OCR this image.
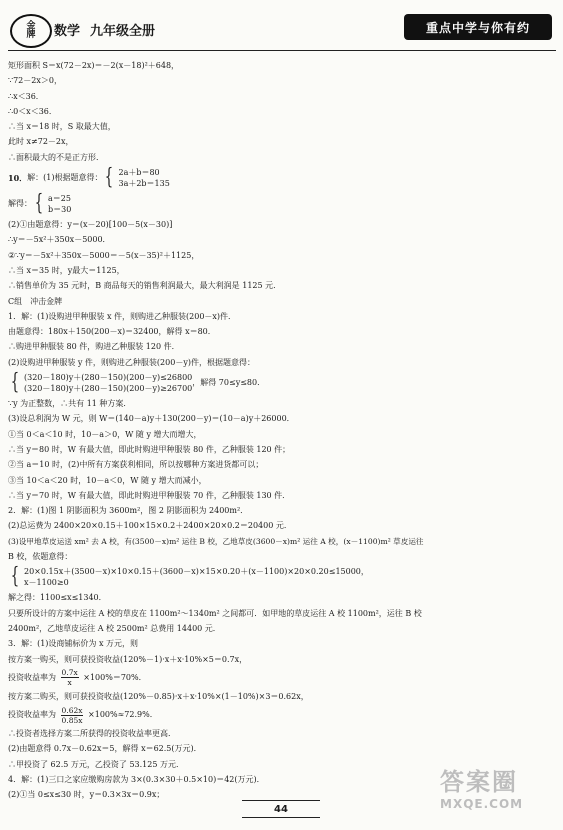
金
牌 数学 九年级全册	重点中学与你有约
矩形面积 S＝x(72－2x)＝－2(x－18)²＋648，
∵72－2x＞0，
∴x＜36．
∴0＜x＜36．
∴当 x＝18 时，S 取最大值，
此时 x≠72－2x，
∴面积最大的不是正方形．
10． 解：(1)根据题意得： { 2a＋b＝80
3a＋2b＝135
解得： { a＝25
b＝30
(2)①由题意得：y＝(x－20)[100－5(x－30)]
∴y＝－5x²＋350x－5000．
②∵y＝－5x²＋350x－5000＝－5(x－35)²＋1125，
∴当 x＝35 时，y最大＝1125，
∴销售单价为 35 元时，B 商品每天的销售利润最大，最大利润是 1125 元．
C组　冲击金牌
1．解：(1)设购进甲种服装 x 件，则购进乙种服装(200－x)件．
由题意得：180x＋150(200－x)＝32400，解得 x＝80．
∴购进甲种服装 80 件，购进乙种服装 120 件．
(2)设购进甲种服装 y 件，则购进乙种服装(200－y)件，根据题意得：
{ (320－180)y＋(280－150)(200－y)≤26800
(320－180)y＋(280－150)(200－y)≥26700
，解得 70≤y≤80．
∵y 为正整数，∴共有 11 种方案．
(3)设总利润为 W 元，则 W＝(140－a)y＋130(200－y)＝(10－a)y＋26000．
①当 0＜a＜10 时，10－a＞0，W 随 y 增大而增大，
∴当 y＝80 时，W 有最大值，即此时购进甲种服装 80 件，乙种服装 120 件；
②当 a＝10 时，(2)中所有方案获利相同，所以按哪种方案进货都可以；
③当 10＜a＜20 时，10－a＜0，W 随 y 增大而减小，
∴当 y＝70 时，W 有最大值，即此时购进甲种服装 70 件，乙种服装 130 件．
2．解：(1)图 1 阴影面积为 3600m²，图 2 阴影面积为 2400m²．
(2)总运费为 2400×20×0.15＋100×15×0.2＋2400×20×0.2＝20400 元．
(3)设甲地草皮运送 xm² 去 A 校，有(3500－x)m² 运往 B 校，乙地草皮(3600－x)m² 运往 A 校，(x－1100)m² 草皮运往
B 校，依题意得：
{ 20×0.15x＋(3500－x)×10×0.15＋(3600－x)×15×0.20＋(x－1100)×20×0.20≤15000，
x－1100≥0
解之得：1100≤x≤1340．
只要所设计的方案中运往 A 校的草皮在 1100m²～1340m² 之间都可．如甲地的草皮运往 A 校 1100m²，运往 B 校
2400m²，乙地草皮运往 A 校 2500m² 总费用 14400 元．
3．解：(1)设商铺标价为 x 万元，则
按方案一购买，则可获投资收益(120%－1)·x＋x·10%×5＝0.7x，
投资收益率为 $\frac{0.7x}{x} \times 100\%=70\%$．
按方案二购买，则可获投资收益(120%－0.85)·x＋x·10%×(1－10%)×3＝0.62x，
投资收益率为 $\frac{0.62x}{0.85x} \times 100\%\approx 72.9\%$．
∴投资者选择方案二所获得的投资收益率更高．
(2)由题意得 0.7x－0.62x＝5，解得 x＝62.5(万元)．
∴甲投资了 62.5 万元，乙投资了 53.125 万元．
4．解：(1)三口之家应缴购房款为 3×(0.3×30＋0.5×10)＝42(万元)．
(2)①当 0≤x≤30 时，y＝0.3×3x＝0.9x；
44
答案圈
MXQE.COM
